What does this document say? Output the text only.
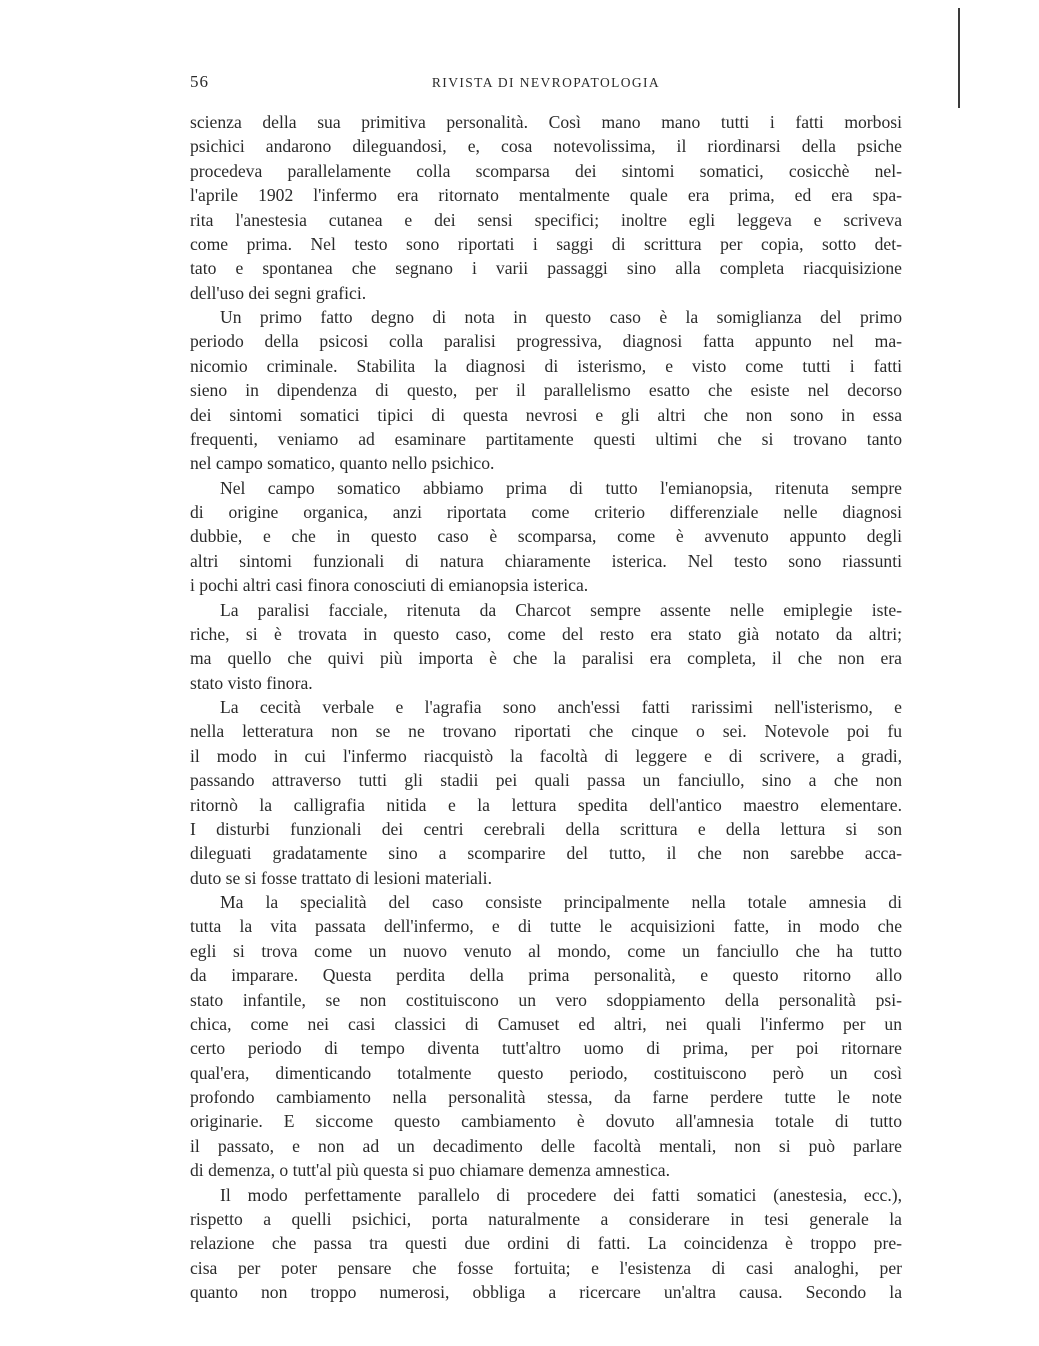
56	RIVISTA DI NEVROPATOLOGIA
scienza della sua primitiva personalità. Così mano mano tutti i fatti morbosi
psichici andarono dileguandosi, e, cosa notevolissima, il riordinarsi della psiche
procedeva parallelamente colla scomparsa dei sintomi somatici, cosicchè nel-
l'aprile 1902 l'infermo era ritornato mentalmente quale era prima, ed era spa-
rita l'anestesia cutanea e dei sensi specifici; inoltre egli leggeva e scriveva
come prima. Nel testo sono riportati i saggi di scrittura per copia, sotto det-
tato e spontanea che segnano i varii passaggi sino alla completa riacquisizione
dell'uso dei segni grafici.
Un primo fatto degno di nota in questo caso è la somiglianza del primo
periodo della psicosi colla paralisi progressiva, diagnosi fatta appunto nel ma-
nicomio criminale. Stabilita la diagnosi di isterismo, e visto come tutti i fatti
sieno in dipendenza di questo, per il parallelismo esatto che esiste nel decorso
dei sintomi somatici tipici di questa nevrosi e gli altri che non sono in essa
frequenti, veniamo ad esaminare partitamente questi ultimi che si trovano tanto
nel campo somatico, quanto nello psichico.
Nel campo somatico abbiamo prima di tutto l'emianopsia, ritenuta sempre
di origine organica, anzi riportata come criterio differenziale nelle diagnosi
dubbie, e che in questo caso è scomparsa, come è avvenuto appunto degli
altri sintomi funzionali di natura chiaramente isterica. Nel testo sono riassunti
i pochi altri casi finora conosciuti di emianopsia isterica.
La paralisi facciale, ritenuta da Charcot sempre assente nelle emiplegie iste-
riche, si è trovata in questo caso, come del resto era stato già notato da altri;
ma quello che quivi più importa è che la paralisi era completa, il che non era
stato visto finora.
La cecità verbale e l'agrafia sono anch'essi fatti rarissimi nell'isterismo, e
nella letteratura non se ne trovano riportati che cinque o sei. Notevole poi fu
il modo in cui l'infermo riacquistò la facoltà di leggere e di scrivere, a gradi,
passando attraverso tutti gli stadii pei quali passa un fanciullo, sino a che non
ritornò la calligrafia nitida e la lettura spedita dell'antico maestro elementare.
I disturbi funzionali dei centri cerebrali della scrittura e della lettura si son
dileguati gradatamente sino a scomparire del tutto, il che non sarebbe acca-
duto se si fosse trattato di lesioni materiali.
Ma la specialità del caso consiste principalmente nella totale amnesia di
tutta la vita passata dell'infermo, e di tutte le acquisizioni fatte, in modo che
egli si trova come un nuovo venuto al mondo, come un fanciullo che ha tutto
da imparare. Questa perdita della prima personalità, e questo ritorno allo
stato infantile, se non costituiscono un vero sdoppiamento della personalità psi-
chica, come nei casi classici di Camuset ed altri, nei quali l'infermo per un
certo periodo di tempo diventa tutt'altro uomo di prima, per poi ritornare
qual'era, dimenticando totalmente questo periodo, costituiscono però un così
profondo cambiamento nella personalità stessa, da farne perdere tutte le note
originarie. E siccome questo cambiamento è dovuto all'amnesia totale di tutto
il passato, e non ad un decadimento delle facoltà mentali, non si può parlare
di demenza, o tutt'al più questa si puo chiamare demenza amnestica.
Il modo perfettamente parallelo di procedere dei fatti somatici (anestesia, ecc.),
rispetto a quelli psichici, porta naturalmente a considerare in tesi generale la
relazione che passa tra questi due ordini di fatti. La coincidenza è troppo pre-
cisa per poter pensare che fosse fortuita; e l'esistenza di casi analoghi, per
quanto non troppo numerosi, obbliga a ricercare un'altra causa. Secondo la
